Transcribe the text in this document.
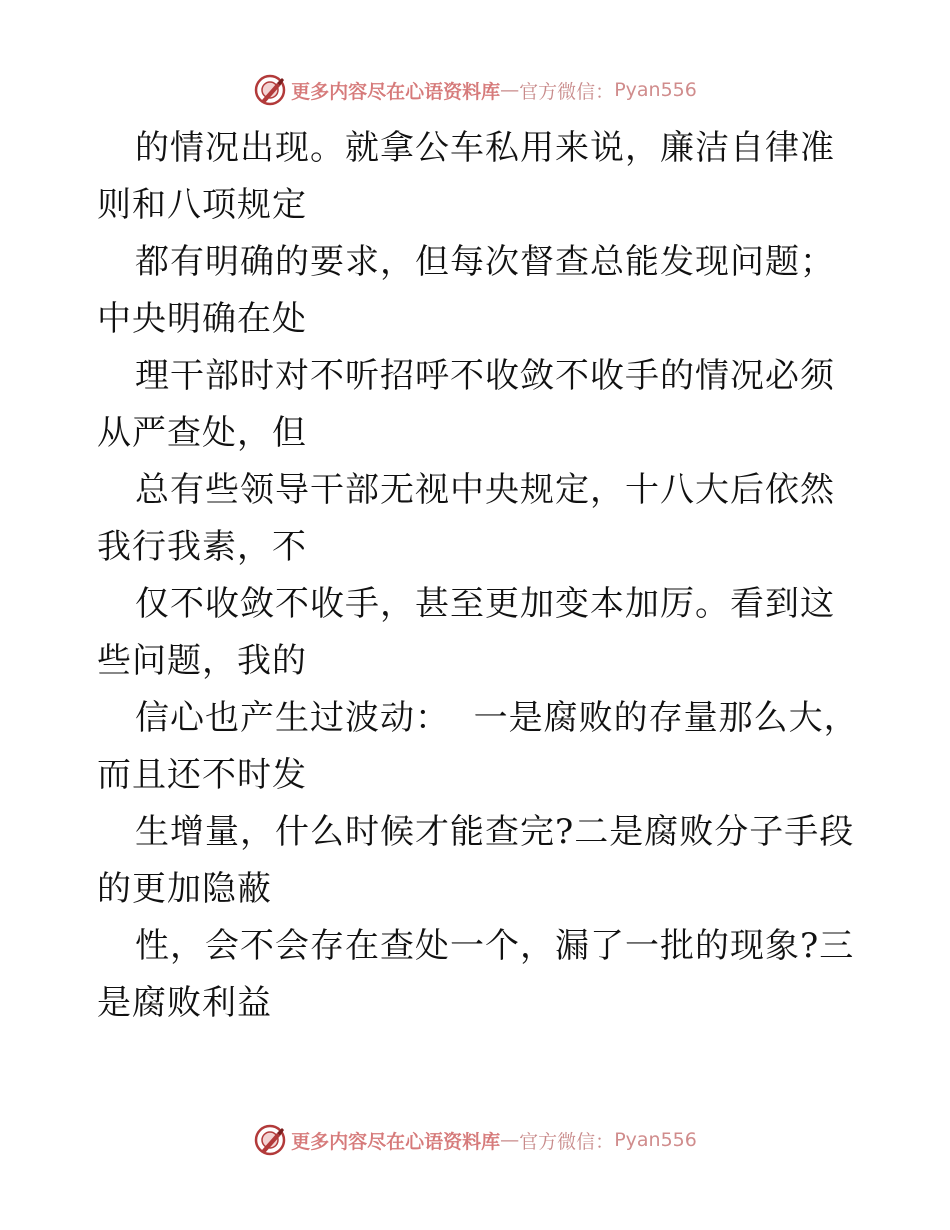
更多内容尽在心语资料库 — 官方微信： Pyan556

的情况出现。就拿公车私用来说，廉洁自律准则和八项规定

都有明确的要求，但每次督查总能发现问题；中央明确在处

理干部时对不听招呼不收敛不收手的情况必须从严查处，但

总有些领导干部无视中央规定，十八大后依然我行我素，不

仅不收敛不收手，甚至更加变本加厉。看到这些问题，我的

信心也产生过波动：  一是腐败的存量那么大，而且还不时发

生增量，什么时候才能查完?二是腐败分子手段的更加隐蔽

性，会不会存在查处一个，漏了一批的现象?三是腐败利益

更多内容尽在心语资料库 — 官方微信： Pyan556
